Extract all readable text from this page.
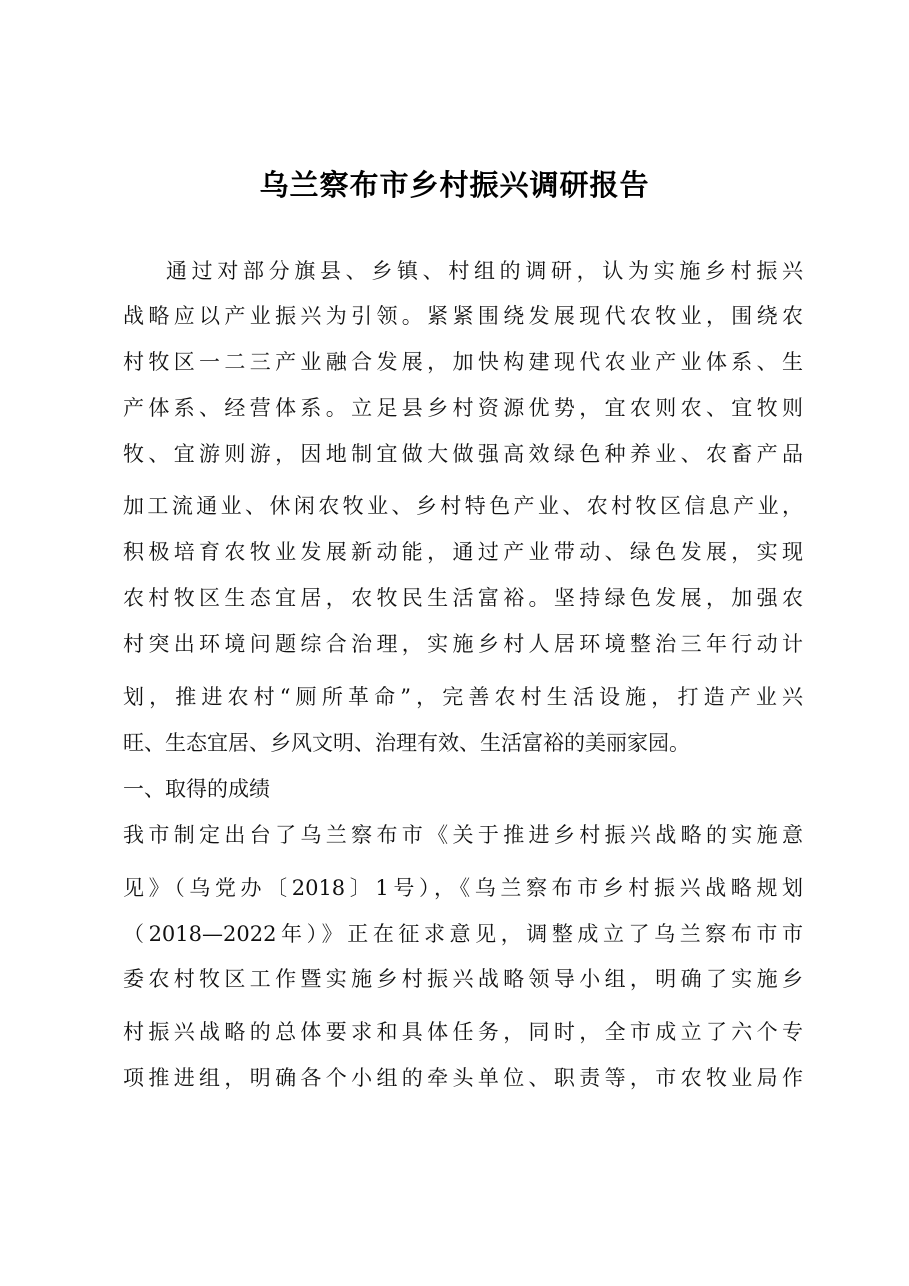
乌兰察布市乡村振兴调研报告
通过对部分旗县、乡镇、村组的调研，认为实施乡村振兴
战略应以产业振兴为引领。紧紧围绕发展现代农牧业，围绕农
村牧区一二三产业融合发展，加快构建现代农业产业体系、生
产体系、经营体系。立足县乡村资源优势，宜农则农、宜牧则
牧、宜游则游，因地制宜做大做强高效绿色种养业、农畜产品
加工流通业、休闲农牧业、乡村特色产业、农村牧区信息产业，
积极培育农牧业发展新动能，通过产业带动、绿色发展，实现
农村牧区生态宜居，农牧民生活富裕。坚持绿色发展，加强农
村突出环境问题综合治理，实施乡村人居环境整治三年行动计
划，推进农村“厕所革命”，完善农村生活设施，打造产业兴
旺、生态宜居、乡风文明、治理有效、生活富裕的美丽家园。
一、取得的成绩
我市制定出台了乌兰察布市《关于推进乡村振兴战略的实施意
见》（乌党办〔2018〕1号），《乌兰察布市乡村振兴战略规划
（2018—2022年）》正在征求意见，调整成立了乌兰察布市市
委农村牧区工作暨实施乡村振兴战略领导小组，明确了实施乡
村振兴战略的总体要求和具体任务，同时，全市成立了六个专
项推进组，明确各个小组的牵头单位、职责等，市农牧业局作
